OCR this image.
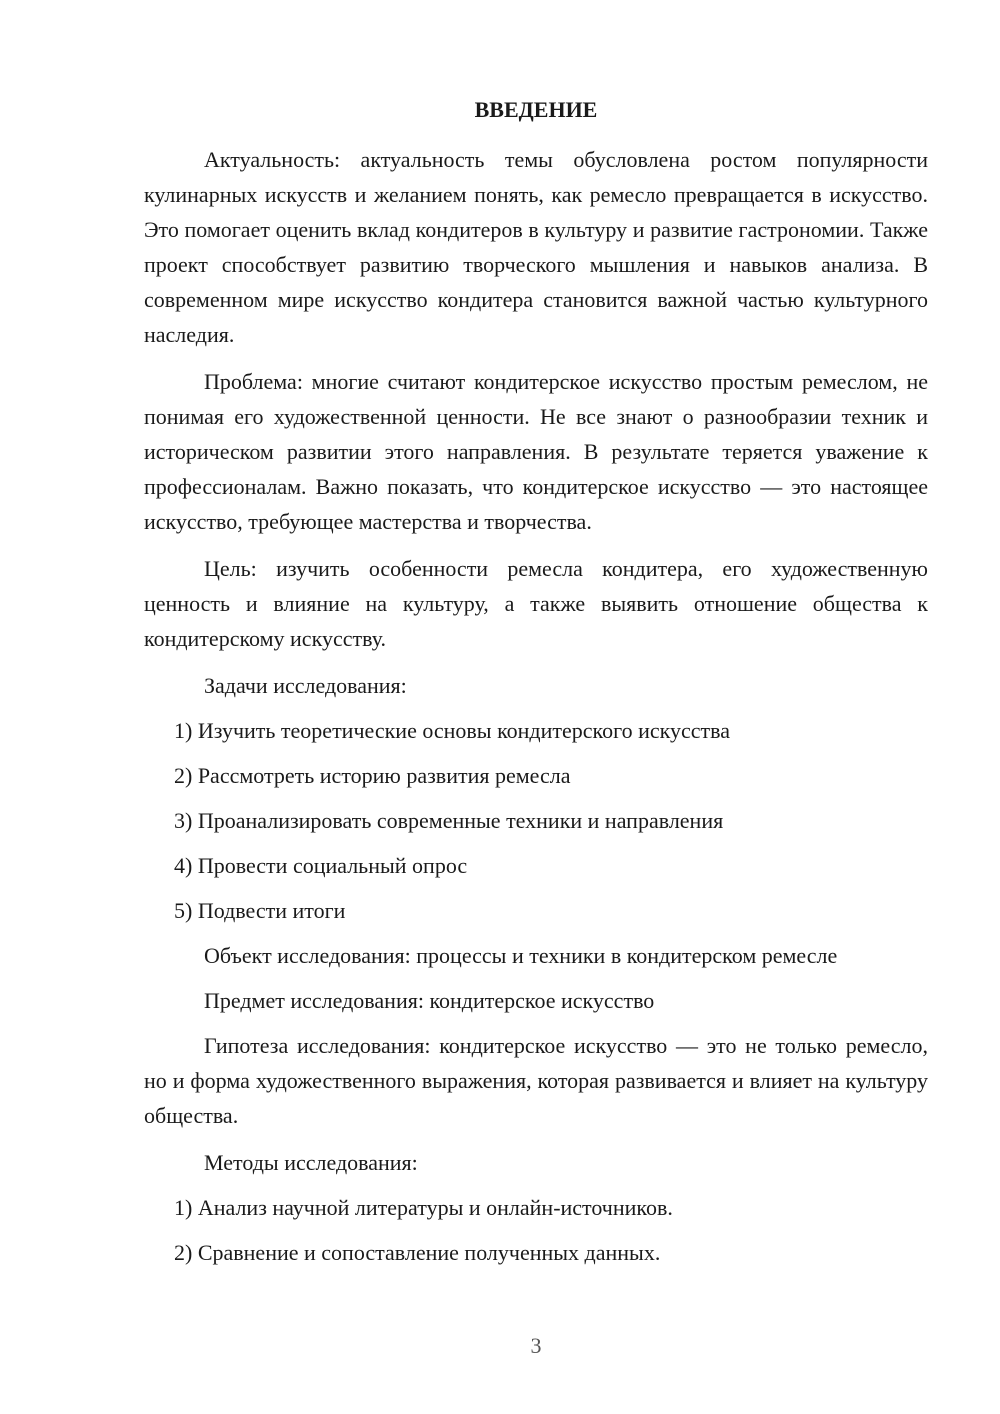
ВВЕДЕНИЕ

Актуальность: актуальность темы обусловлена ростом популярности кулинарных искусств и желанием понять, как ремесло превращается в искусство. Это помогает оценить вклад кондитеров в культуру и развитие гастрономии. Также проект способствует развитию творческого мышления и навыков анализа. В современном мире искусство кондитера становится важной частью культурного наследия.

Проблема: многие считают кондитерское искусство простым ремеслом, не понимая его художественной ценности. Не все знают о разнообразии техник и историческом развитии этого направления. В результате теряется уважение к профессионалам. Важно показать, что кондитерское искусство — это настоящее искусство, требующее мастерства и творчества.

Цель: изучить особенности ремесла кондитера, его художественную ценность и влияние на культуру, а также выявить отношение общества к кондитерскому искусству.

Задачи исследования:
1) Изучить теоретические основы кондитерского искусства
2) Рассмотреть историю развития ремесла
3) Проанализировать современные техники и направления
4) Провести социальный опрос
5) Подвести итоги
Объект исследования: процессы и техники в кондитерском ремесле
Предмет исследования: кондитерское искусство

Гипотеза исследования: кондитерское искусство — это не только ремесло, но и форма художественного выражения, которая развивается и влияет на культуру общества.

Методы исследования:
1) Анализ научной литературы и онлайн-источников.
2) Сравнение и сопоставление полученных данных.
3
